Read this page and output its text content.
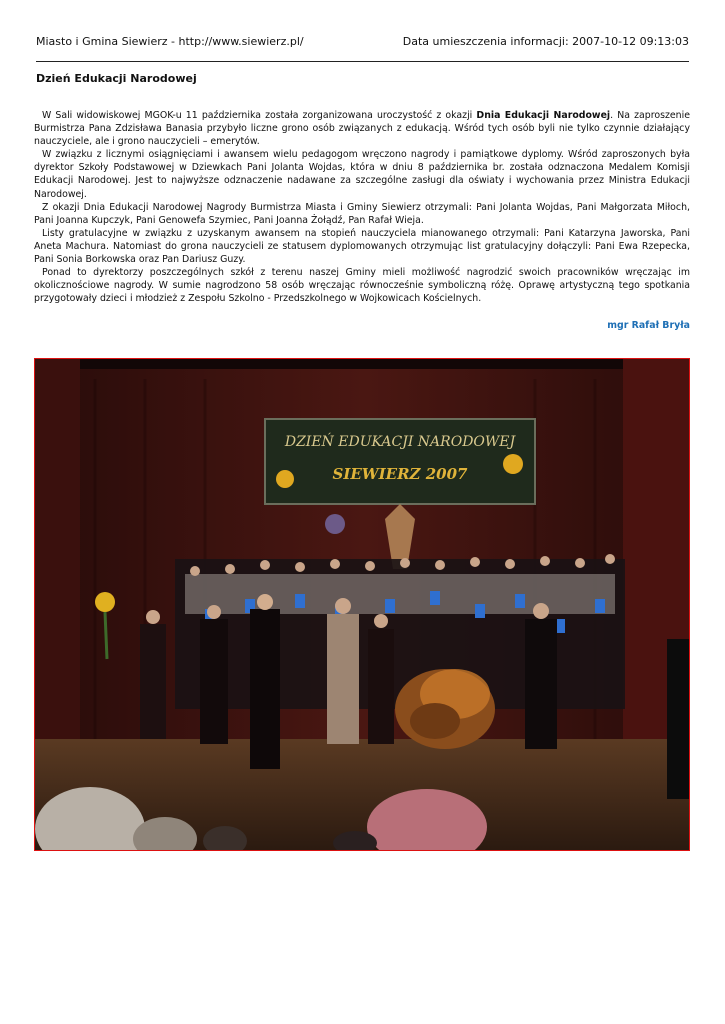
Miasto i Gmina Siewierz - http://www.siewierz.pl/	Data umieszczenia informacji: 2007-10-12 09:13:03
Dzień Edukacji Narodowej

W Sali widowiskowej MGOK-u 11 października została zorganizowana uroczystość z okazji Dnia Edukacji Narodowej. Na zaproszenie Burmistrza Pana Zdzisława Banasia przybyło liczne grono osób związanych z edukacją. Wśród tych osób byli nie tylko czynnie działający nauczyciele, ale i grono nauczycieli – emerytów.

W związku z licznymi osiągnięciami i awansem wielu pedagogom wręczono nagrody i pamiątkowe dyplomy. Wśród zaproszonych była dyrektor Szkoły Podstawowej w Dziewkach Pani Jolanta Wojdas, która w dniu 8 października br. została odznaczona Medalem Komisji Edukacji Narodowej. Jest to najwyższe odznaczenie nadawane za szczególne zasługi dla oświaty i wychowania przez Ministra Edukacji Narodowej.

Z okazji Dnia Edukacji Narodowej Nagrody Burmistrza Miasta i Gminy Siewierz otrzymali: Pani Jolanta Wojdas, Pani Małgorzata Miłoch, Pani Joanna Kupczyk, Pani Genowefa Szymiec, Pani Joanna Żołądź, Pan Rafał Wieja.

Listy gratulacyjne w związku z uzyskanym awansem na stopień nauczyciela mianowanego otrzymali: Pani Katarzyna Jaworska, Pani Aneta Machura. Natomiast do grona nauczycieli ze statusem dyplomowanych otrzymując list gratulacyjny dołączyli: Pani Ewa Rzepecka, Pani Sonia Borkowska oraz Pan Dariusz Guzy.

Ponad to dyrektorzy poszczególnych szkół z terenu naszej Gminy mieli możliwość nagrodzić swoich pracowników wręczając im okolicznościowe nagrody. W sumie nagrodzono 58 osób wręczając równocześnie symboliczną różę. Oprawę artystyczną tego spotkania przygotowały dzieci i młodzież z Zespołu Szkolno - Przedszkolnego w Wojkowicach Kościelnych.

mgr Rafał Bryła
DZIEŃ EDUKACJI NARODOWEJ
SIEWIERZ 2007
